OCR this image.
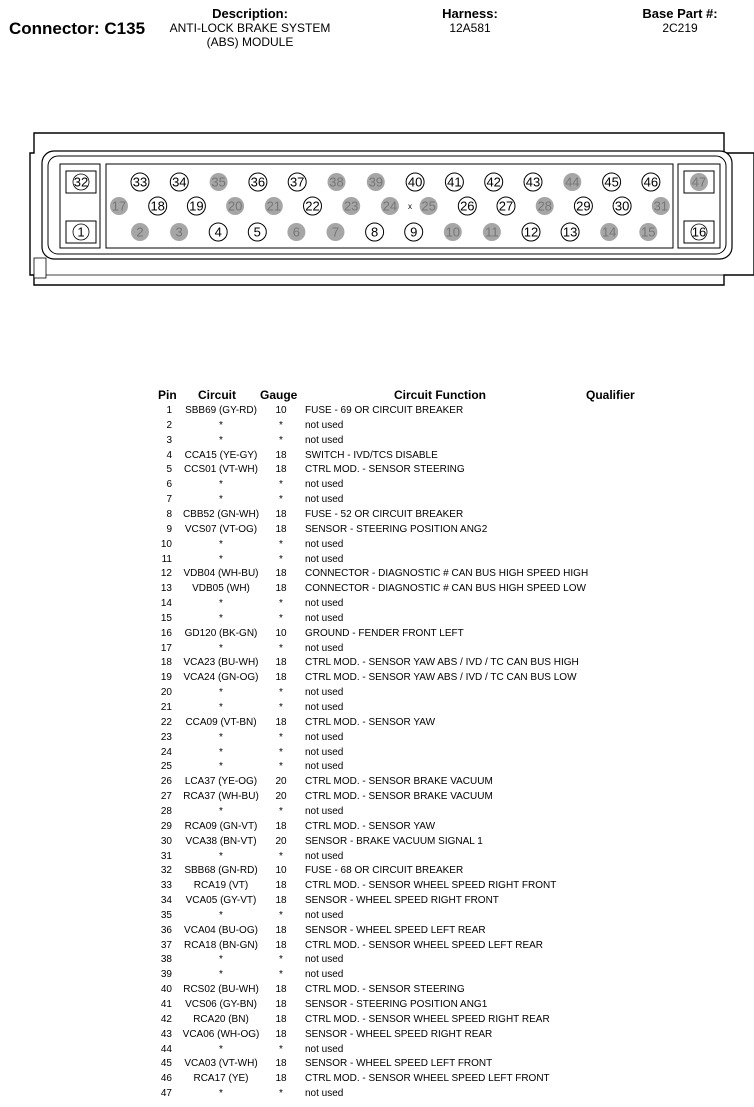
Connector: C135
Description:
ANTI-LOCK BRAKE SYSTEM
(ABS) MODULE
Harness:
12A581
Base Part #:
2C219
33 34 35 36 37 38 39 40 41 42 43 44 45 46
17 18 19 20 21 22 23 24 25 26 27 28 29 30 31
2 3 4 5 6 7 8 9 10 11 12 13 14 15
32
1
47
16
x
Pin Circuit Gauge	Circuit Function	Qualifier
1	SBB69 (GY-RD)	10	FUSE - 69 OR CIRCUIT BREAKER
2	*	*	not used
3	*	*	not used
4	CCA15 (YE-GY)	18	SWITCH - IVD/TCS DISABLE
5	CCS01 (VT-WH)	18	CTRL MOD. - SENSOR STEERING
6	*	*	not used
7	*	*	not used
8	CBB52 (GN-WH)	18	FUSE - 52 OR CIRCUIT BREAKER
9	VCS07 (VT-OG)	18	SENSOR - STEERING POSITION ANG2
10	*	*	not used
11	*	*	not used
12	VDB04 (WH-BU)	18	CONNECTOR - DIAGNOSTIC # CAN BUS HIGH SPEED HIGH
13	VDB05 (WH)	18	CONNECTOR - DIAGNOSTIC # CAN BUS HIGH SPEED LOW
14	*	*	not used
15	*	*	not used
16	GD120 (BK-GN)	10	GROUND - FENDER FRONT LEFT
17	*	*	not used
18	VCA23 (BU-WH)	18	CTRL MOD. - SENSOR YAW ABS / IVD / TC CAN BUS HIGH
19	VCA24 (GN-OG)	18	CTRL MOD. - SENSOR YAW ABS / IVD / TC CAN BUS LOW
20	*	*	not used
21	*	*	not used
22	CCA09 (VT-BN)	18	CTRL MOD. - SENSOR YAW
23	*	*	not used
24	*	*	not used
25	*	*	not used
26	LCA37 (YE-OG)	20	CTRL MOD. - SENSOR BRAKE VACUUM
27	RCA37 (WH-BU)	20	CTRL MOD. - SENSOR BRAKE VACUUM
28	*	*	not used
29	RCA09 (GN-VT)	18	CTRL MOD. - SENSOR YAW
30	VCA38 (BN-VT)	20	SENSOR - BRAKE VACUUM SIGNAL 1
31	*	*	not used
32	SBB68 (GN-RD)	10	FUSE - 68 OR CIRCUIT BREAKER
33	RCA19 (VT)	18	CTRL MOD. - SENSOR WHEEL SPEED RIGHT FRONT
34	VCA05 (GY-VT)	18	SENSOR - WHEEL SPEED RIGHT FRONT
35	*	*	not used
36	VCA04 (BU-OG)	18	SENSOR - WHEEL SPEED LEFT REAR
37	RCA18 (BN-GN)	18	CTRL MOD. - SENSOR WHEEL SPEED LEFT REAR
38	*	*	not used
39	*	*	not used
40	RCS02 (BU-WH)	18	CTRL MOD. - SENSOR STEERING
41	VCS06 (GY-BN)	18	SENSOR - STEERING POSITION ANG1
42	RCA20 (BN)	18	CTRL MOD. - SENSOR WHEEL SPEED RIGHT REAR
43	VCA06 (WH-OG)	18	SENSOR - WHEEL SPEED RIGHT REAR
44	*	*	not used
45	VCA03 (VT-WH)	18	SENSOR - WHEEL SPEED LEFT FRONT
46	RCA17 (YE)	18	CTRL MOD. - SENSOR WHEEL SPEED LEFT FRONT
47	*	*	not used
